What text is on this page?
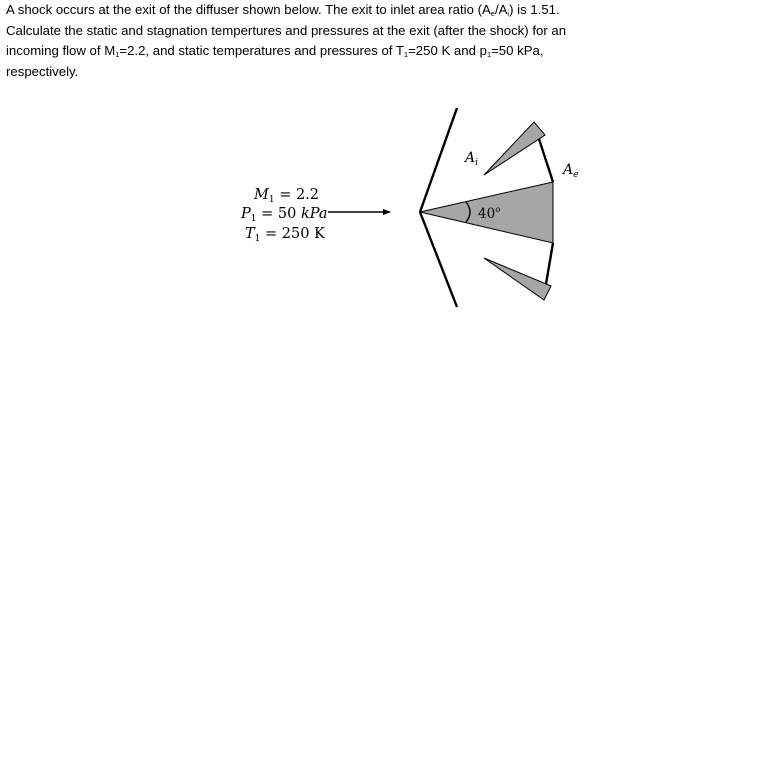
A shock occurs at the exit of the diffuser shown below. The exit to inlet area ratio $(A_e/A_i)$ is 1.51.
Calculate the static and stagnation tempertures and pressures at the exit (after the shock) for an
incoming flow of $M_1=2.2$, and static temperatures and pressures of $T_1=250$ K and $p_1=50$ kPa,
respectively.

$M_1 = 2.2$
$P_1 = 50$ kPa
$T_1 = 250$ K
40$^o$
$A_i$	$A_e$
